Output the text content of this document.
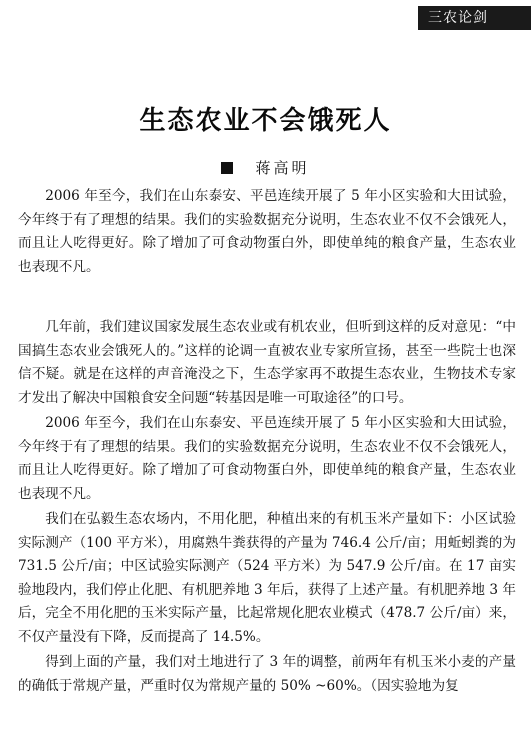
三农论剑
生态农业不会饿死人
蒋高明

2006 年至今，我们在山东泰安、平邑连续开展了 5 年小区实验和大田试验，今年终于有了理想的结果。我们的实验数据充分说明，生态农业不仅不会饿死人，而且让人吃得更好。除了增加了可食动物蛋白外，即使单纯的粮食产量，生态农业也表现不凡。

几年前，我们建议国家发展生态农业或有机农业，但听到这样的反对意见：“中国搞生态农业会饿死人的。”这样的论调一直被农业专家所宣扬，甚至一些院士也深信不疑。就是在这样的声音淹没之下，生态学家再不敢提生态农业，生物技术专家才发出了解决中国粮食安全问题“转基因是唯一可取途径”的口号。

2006 年至今，我们在山东泰安、平邑连续开展了 5 年小区实验和大田试验，今年终于有了理想的结果。我们的实验数据充分说明，生态农业不仅不会饿死人，而且让人吃得更好。除了增加了可食动物蛋白外，即使单纯的粮食产量，生态农业也表现不凡。

我们在弘毅生态农场内，不用化肥，种植出来的有机玉米产量如下：小区试验实际测产（100 平方米），用腐熟牛粪获得的产量为 746.4 公斤/亩；用蚯蚓粪的为 731.5 公斤/亩；中区试验实际测产（524 平方米）为 547.9 公斤/亩。在 17 亩实验地段内，我们停止化肥、有机肥养地 3 年后，获得了上述产量。有机肥养地 3 年后，完全不用化肥的玉米实际产量，比起常规化肥农业模式（478.7 公斤/亩）来，不仅产量没有下降，反而提高了 14.5%。

得到上面的产量，我们对土地进行了 3 年的调整，前两年有机玉米小麦的产量的确低于常规产量，严重时仅为常规产量的 50% ~60%。（因实验地为复
